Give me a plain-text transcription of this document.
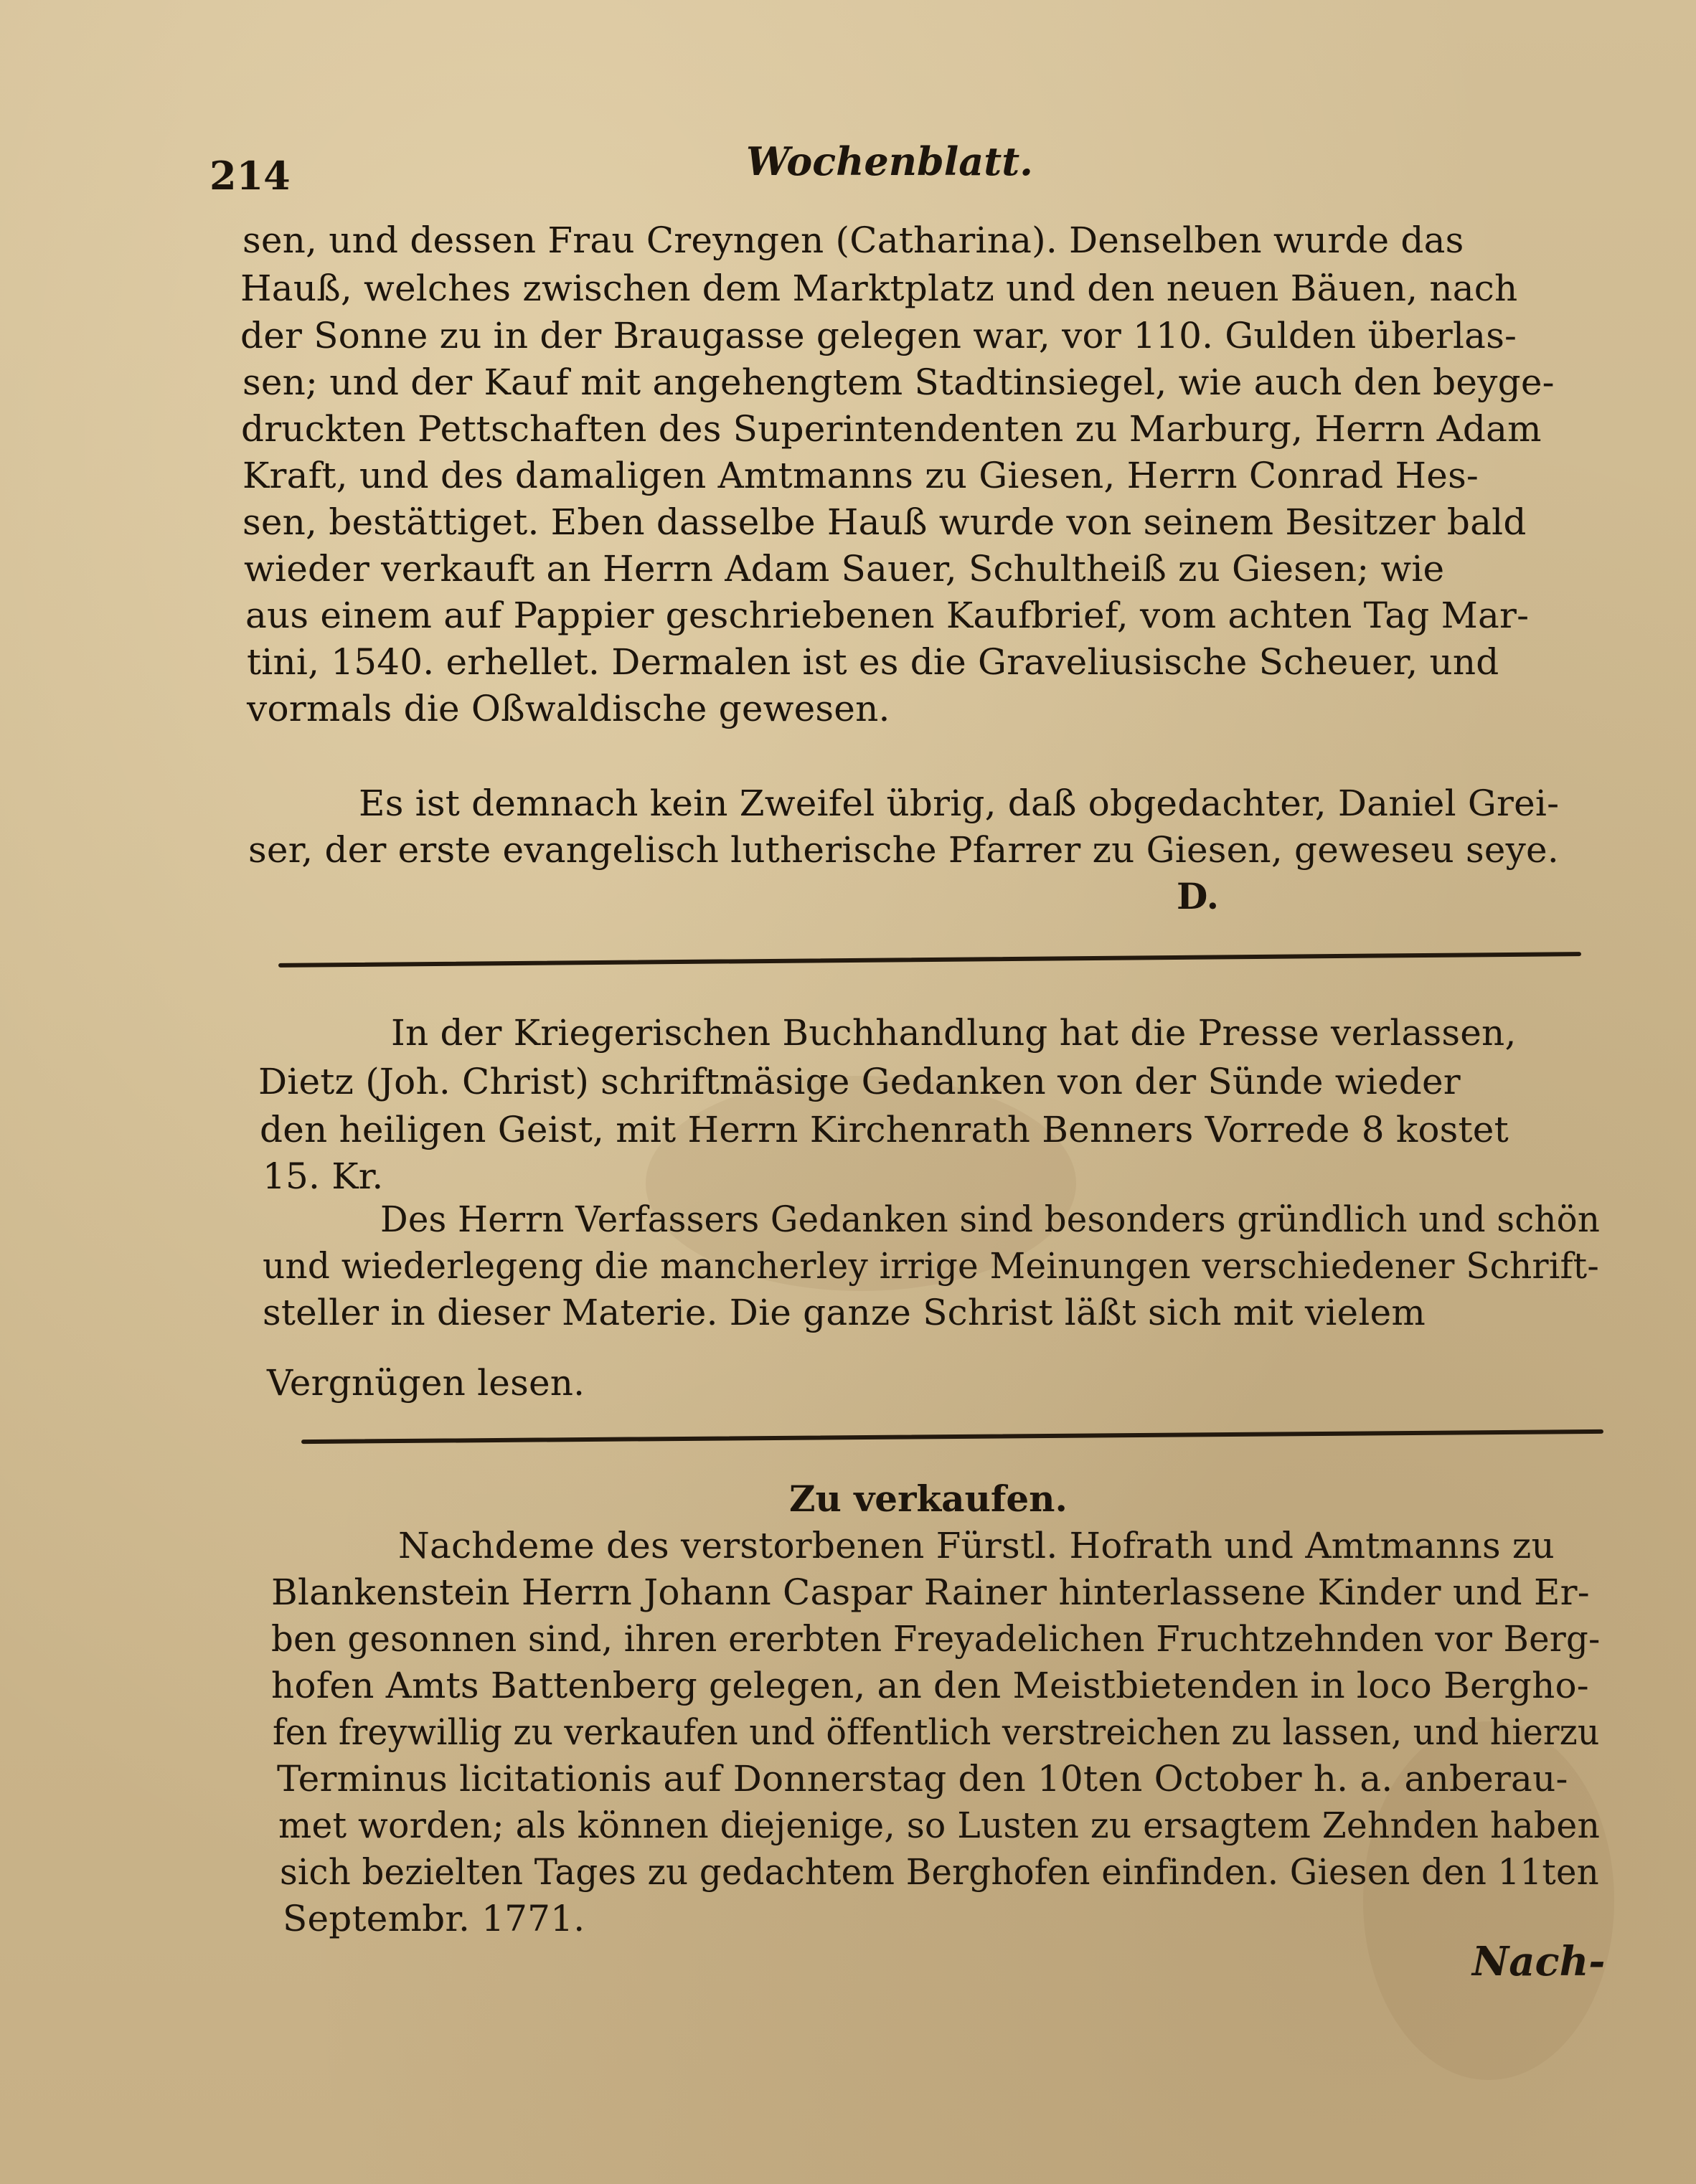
214	Wochenblatt.
sen, und dessen Frau Creyngen (Catharina). Denselben wurde das
Hauß, welches zwischen dem Marktplatz und den neuen Bäuen, nach
der Sonne zu in der Braugasse gelegen war, vor 110. Gulden überlas-
sen; und der Kauf mit angehengtem Stadtinsiegel, wie auch den beyge-
druckten Pettschaften des Superintendenten zu Marburg, Herrn Adam
Kraft, und des damaligen Amtmanns zu Giesen, Herrn Conrad Hes-
sen, bestättiget. Eben dasselbe Hauß wurde von seinem Besitzer bald
wieder verkauft an Herrn Adam Sauer, Schultheiß zu Giesen; wie
aus einem auf Pappier geschriebenen Kaufbrief, vom achten Tag Mar-
tini, 1540. erhellet. Dermalen ist es die Graveliusische Scheuer, und
vormals die Oßwaldische gewesen.
Es ist demnach kein Zweifel übrig, daß obgedachter, Daniel Grei-
ser, der erste evangelisch lutherische Pfarrer zu Giesen, geweseu seye.
D.
In der Kriegerischen Buchhandlung hat die Presse verlassen,
Dietz (Joh. Christ) schriftmäsige Gedanken von der Sünde wieder
den heiligen Geist, mit Herrn Kirchenrath Benners Vorrede 8 kostet
15. Kr.
Des Herrn Verfassers Gedanken sind besonders gründlich und schön
und wiederlegeng die mancherley irrige Meinungen verschiedener Schrift-
steller in dieser Materie. Die ganze Schrist läßt sich mit vielem
Vergnügen lesen.
Zu verkaufen.
Nachdeme des verstorbenen Fürstl. Hofrath und Amtmanns zu
Blankenstein Herrn Johann Caspar Rainer hinterlassene Kinder und Er-
ben gesonnen sind, ihren ererbten Freyadelichen Fruchtzehnden vor Berg-
hofen Amts Battenberg gelegen, an den Meistbietenden in loco Bergho-
fen freywillig zu verkaufen und öffentlich verstreichen zu lassen, und hierzu
Terminus licitationis auf Donnerstag den 10ten October h. a. anberau-
met worden; als können diejenige, so Lusten zu ersagtem Zehnden haben
sich bezielten Tages zu gedachtem Berghofen einfinden. Giesen den 11ten
Septembr. 1771.
Nach-
